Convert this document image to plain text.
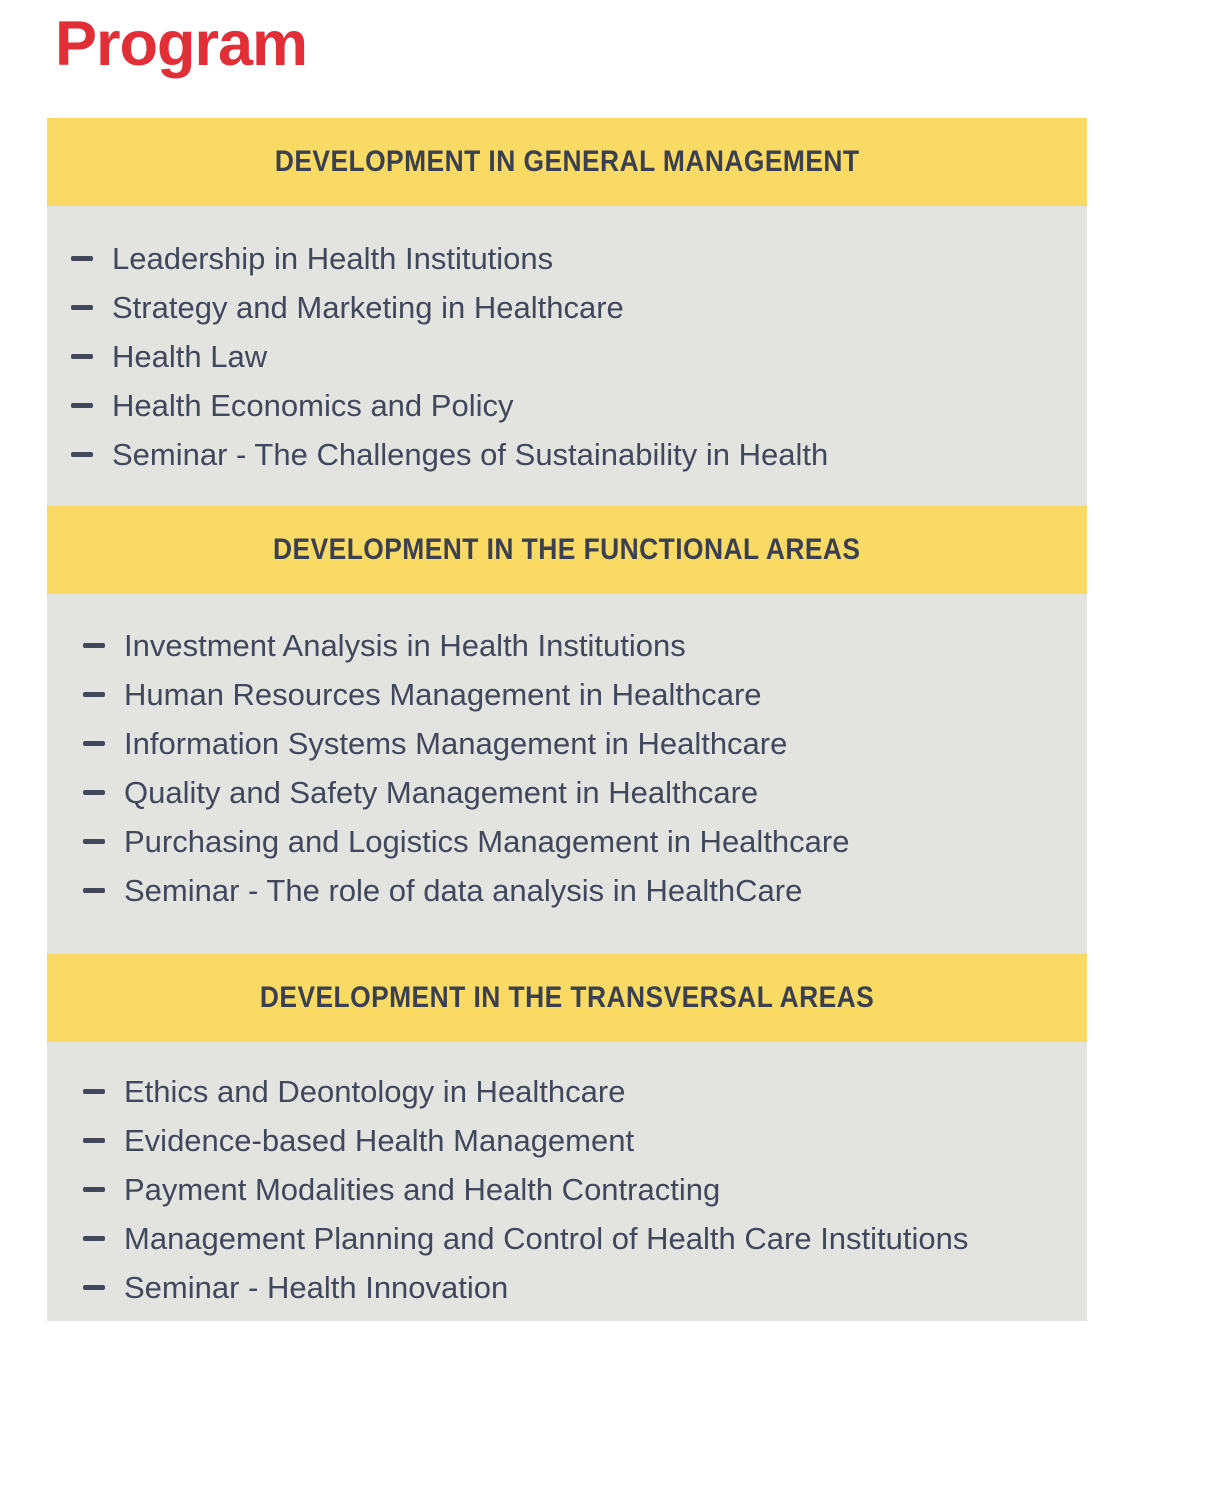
Program
DEVELOPMENT IN GENERAL MANAGEMENT
Leadership in Health Institutions
Strategy and Marketing in Healthcare
Health Law
Health Economics and Policy
Seminar - The Challenges of Sustainability in Health
DEVELOPMENT IN THE FUNCTIONAL AREAS
Investment Analysis in Health Institutions
Human Resources Management in Healthcare
Information Systems Management in Healthcare
Quality and Safety Management in Healthcare
Purchasing and Logistics Management in Healthcare
Seminar - The role of data analysis in HealthCare
DEVELOPMENT IN THE TRANSVERSAL AREAS
Ethics and Deontology in Healthcare
Evidence-based Health Management
Payment Modalities and Health Contracting
Management Planning and Control of Health Care Institutions
Seminar - Health Innovation
